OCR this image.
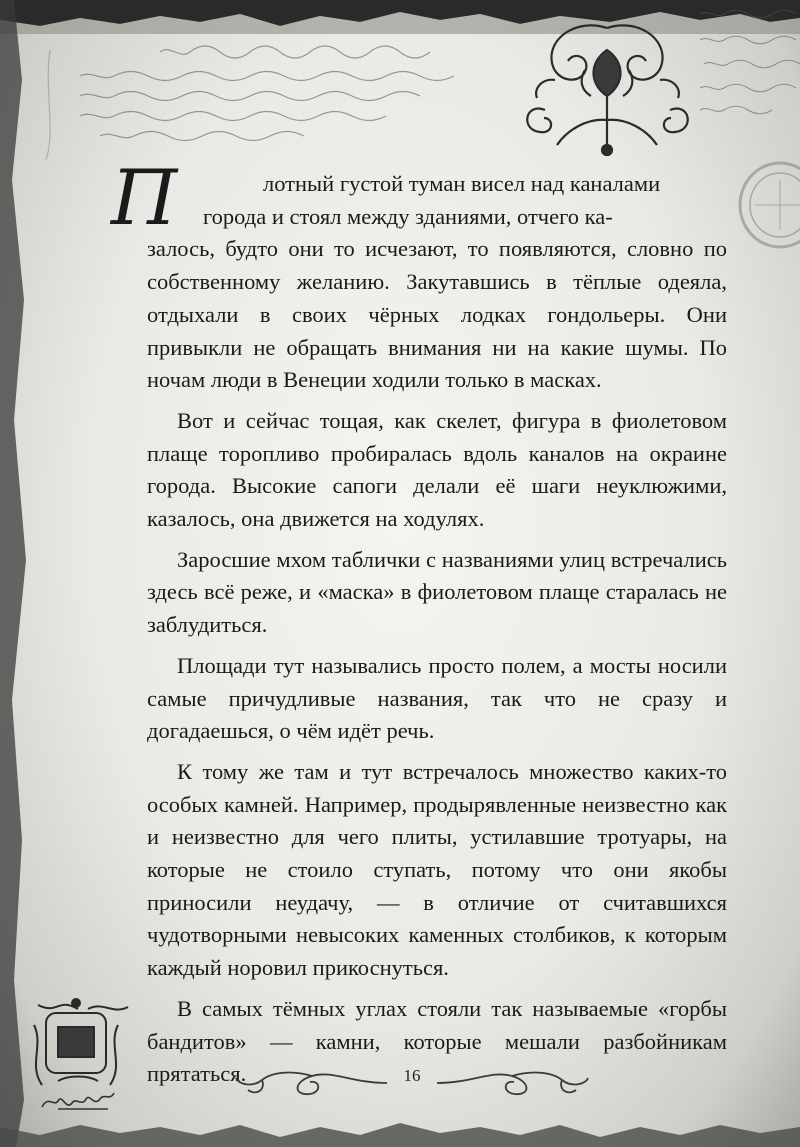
П	лотный густой туман висел над каналами
города и стоял между зданиями, отчего ка-
залось, будто они то исчезают, то появляются, словно по собственному желанию. Закутавшись в тёплые одеяла, отдыхали в своих чёрных лодках гондольеры. Они привыкли не обращать внимания ни на какие шумы. По ночам люди в Венеции ходили только в масках.

Вот и сейчас тощая, как скелет, фигура в фиолетовом плаще торопливо пробиралась вдоль каналов на окраине города. Высокие сапоги делали её шаги неуклюжими, казалось, она движется на ходулях.

Заросшие мхом таблички с названиями улиц встречались здесь всё реже, и «маска» в фиолетовом плаще старалась не заблудиться.

Площади тут назывались просто полем, а мосты носили самые причудливые названия, так что не сразу и догадаешься, о чём идёт речь.

К тому же там и тут встречалось множество каких-то особых камней. Например, продырявленные неизвестно как и неизвестно для чего плиты, устилавшие тротуары, на которые не стоило ступать, потому что они якобы приносили неудачу, — в отличие от считавшихся чудотворными невысоких каменных столбиков, к которым каждый норовил прикоснуться.

В самых тёмных углах стояли так называемые «горбы бандитов» — камни, которые мешали разбойникам прятаться.	16
